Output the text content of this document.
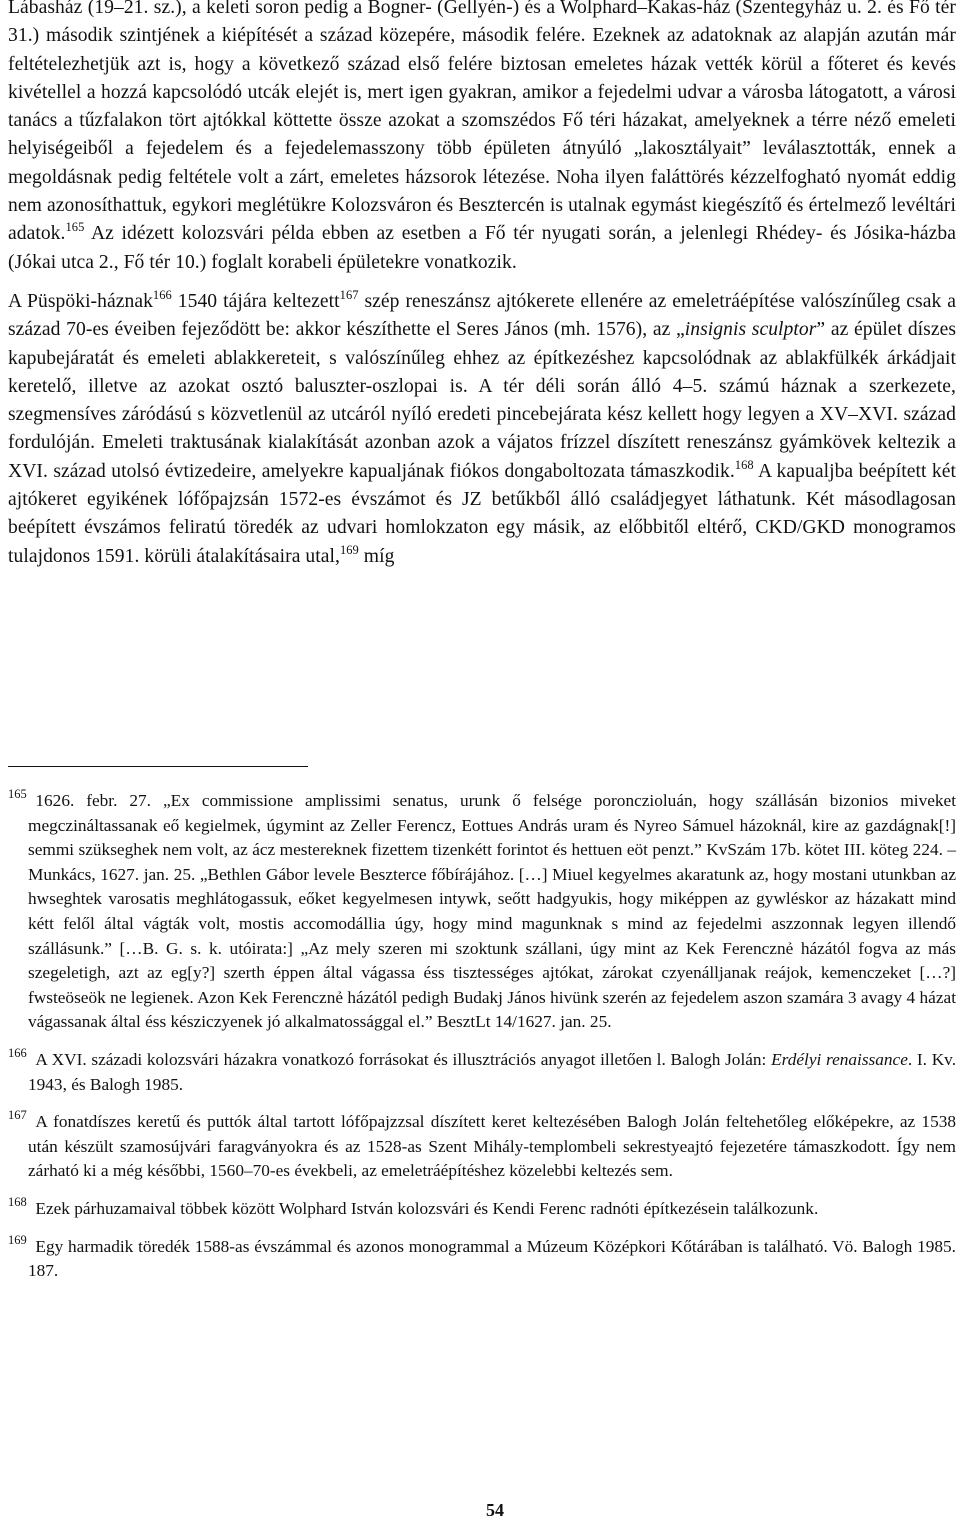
Lábasház (19–21. sz.), a keleti soron pedig a Bogner- (Gellyén-) és a Wolphard–Kakas-ház (Szentegyház u. 2. és Fő tér 31.) második szintjének a kiépítését a század közepére, második felére. Ezeknek az adatoknak az alapján azután már feltételezhetjük azt is, hogy a következő század első felére biztosan emeletes házak vették körül a főteret és kevés kivétellel a hozzá kapcsolódó utcák elejét is, mert igen gyakran, amikor a fejedelmi udvar a városba látogatott, a városi tanács a tűzfalakon tört ajtókkal köttette össze azokat a szomszédos Fő téri házakat, amelyeknek a térre néző emeleti helyiségeiből a fejedelem és a fejedelemasszony több épületen átnyúló „lakosztályait” leválasztották, ennek a megoldásnak pedig feltétele volt a zárt, emeletes házsorok létezése. Noha ilyen faláttörés kézzelfogható nyomát eddig nem azonosíthattuk, egykori meglétükre Kolozsváron és Besztercén is utalnak egymást kiegészítő és értelmező levéltári adatok.$^{165}$ Az idézett kolozsvári példa ebben az esetben a Fő tér nyugati során, a jelenlegi Rhédey- és Jósika-házba (Jókai utca 2., Fő tér 10.) foglalt korabeli épületekre vonatkozik.

A Püspöki-háznak$^{166}$ 1540 tájára keltezett$^{167}$ szép reneszánsz ajtókerete ellenére az emeletráépítése valószínűleg csak a század 70-es éveiben fejeződött be: akkor készíthette el Seres János (mh. 1576), az „insignis sculptor” az épület díszes kapubejáratát és emeleti ablakkereteit, s valószínűleg ehhez az építkezéshez kapcsolódnak az ablakfülkék árkádjait keretelő, illetve az azokat osztó baluszter-oszlopai is. A tér déli során álló 4–5. számú háznak a szerkezete, szegmensíves záródású s közvetlenül az utcáról nyíló eredeti pincebejárata kész kellett hogy legyen a XV–XVI. század fordulóján. Emeleti traktusának kialakítását azonban azok a vájatos frízzel díszített reneszánsz gyámkövek keltezik a XVI. század utolsó évtizedeire, amelyekre kapualjának fiókos dongaboltozata támaszkodik.$^{168}$ A kapualjba beépített két ajtókeret egyikének lófőpajzsán 1572-es évszámot és JZ betűkből álló családjegyet láthatunk. Két másodlagosan beépített évszámos feliratú töredék az udvari homlokzaton egy másik, az előbbitől eltérő, CKD/GKD monogramos tulajdonos 1591. körüli átalakításaira utal,$^{169}$ míg

$^{165}$  1626. febr. 27. „Ex commissione amplissimi senatus, urunk ő felsége poronczioluán, hogy szállásán bizonios miveket megczináltassanak eő kegielmek, úgymint az Zeller Ferencz, Eottues András uram és Nyreo Sámuel házoknál, kire az gazdágnak[!] semmi szükseghek nem volt, az ácz mestereknek fizettem tizenkétt forintot és hettuen eöt penzt.” KvSzám 17b. kötet III. köteg 224. – Munkács, 1627. jan. 25. „Bethlen Gábor levele Beszterce főbírájához. […] Miuel kegyelmes akaratunk az, hogy mostani utunkban az hwseghtek varosatis meghlátogassuk, eőket kegyelmesen intywk, seőtt hadgyukis, hogy miképpen az gywléskor az házakatt mind kétt felől által vágták volt, mostis accomodállia úgy, hogy mind magunknak s mind az fejedelmi aszzonnak legyen illendő szállásunk.” […B. G. s. k. utóirata:] „Az mely szeren mi szoktunk szállani, úgy mint az Kek Ferencznẻ házától fogva az más szegeletigh, azt az eg[y?] szerth éppen által vágassa éss tisztességes ajtókat, zárokat czyenálljanak reájok, kemenczeket […?] fwsteöseök ne legienek. Azon Kek Ferencznẻ házától pedigh Budakj János hivünk szerén az fejedelem aszon szamára 3 avagy 4 házat vágassanak által éss késziczyenek jó alkalmatossággal el.” BesztLt 14/1627. jan. 25.

$^{166}$  A XVI. századi kolozsvári házakra vonatkozó forrásokat és illusztrációs anyagot illetően l. Balogh Jolán: Erdélyi renaissance. I. Kv. 1943, és Balogh 1985.

$^{167}$  A fonatdíszes keretű és puttók által tartott lófőpajzzsal díszített keret keltezésében Balogh Jolán feltehetőleg előképekre, az 1538 után készült szamosújvári faragványokra és az 1528-as Szent Mihály-templombeli sekrestyeajtó fejezetére támaszkodott. Így nem zárható ki a még későbbi, 1560–70-es évekbeli, az emeletráépítéshez közelebbi keltezés sem.

$^{168}$  Ezek párhuzamaival többek között Wolphard István kolozsvári és Kendi Ferenc radnóti építkezésein találkozunk.

$^{169}$  Egy harmadik töredék 1588-as évszámmal és azonos monogrammal a Múzeum Középkori Kőtárában is található. Vö. Balogh 1985. 187.

54
